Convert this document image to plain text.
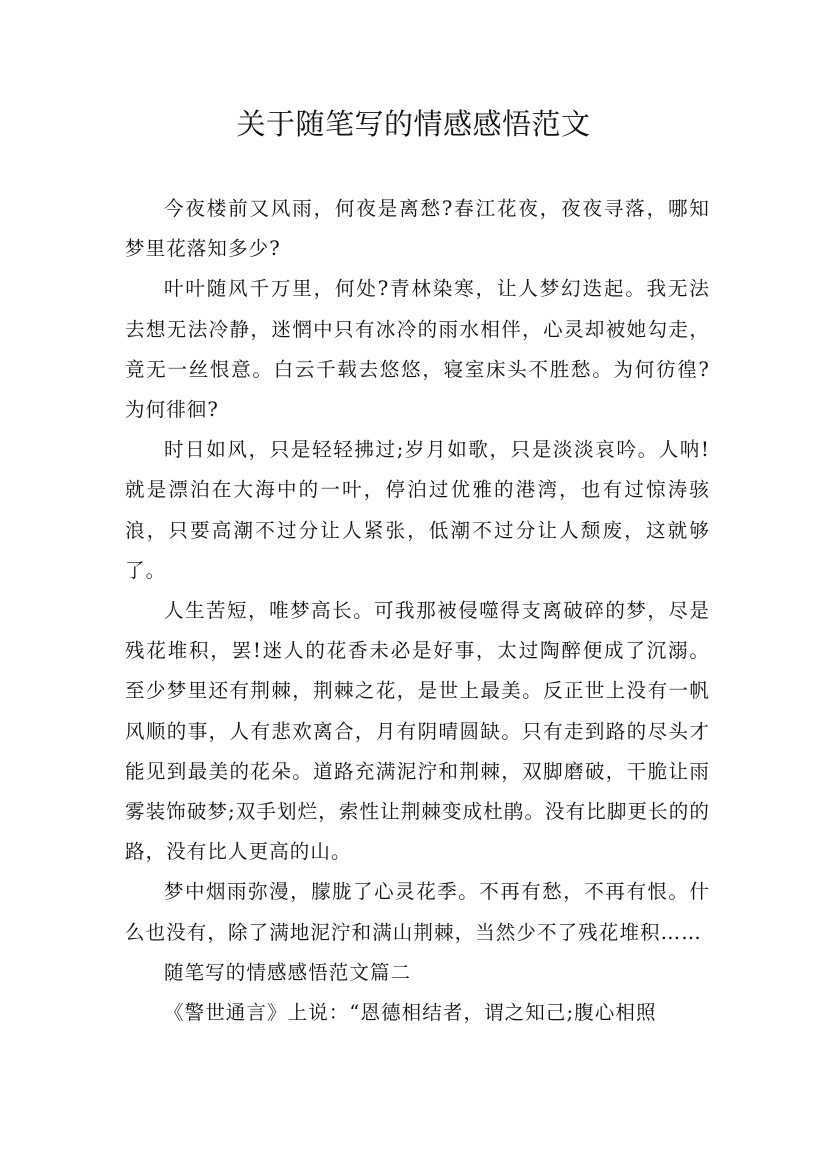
关于随笔写的情感感悟范文

今夜楼前又风雨，何夜是离愁?春江花夜，夜夜寻落，哪知梦里花落知多少?

叶叶随风千万里，何处?青林染寒，让人梦幻迭起。我无法去想无法冷静，迷惘中只有冰冷的雨水相伴，心灵却被她勾走，竟无一丝恨意。白云千载去悠悠，寝室床头不胜愁。为何彷徨?为何徘徊?

时日如风，只是轻轻拂过;岁月如歌，只是淡淡哀吟。人呐!就是漂泊在大海中的一叶，停泊过优雅的港湾，也有过惊涛骇浪，只要高潮不过分让人紧张，低潮不过分让人颓废，这就够了。

人生苦短，唯梦高长。可我那被侵噬得支离破碎的梦，尽是残花堆积，罢!迷人的花香未必是好事，太过陶醉便成了沉溺。至少梦里还有荆棘，荆棘之花，是世上最美。反正世上没有一帆风顺的事，人有悲欢离合，月有阴晴圆缺。只有走到路的尽头才能见到最美的花朵。道路充满泥泞和荆棘，双脚磨破，干脆让雨雾装饰破梦;双手划烂，索性让荆棘变成杜鹃。没有比脚更长的的路，没有比人更高的山。

梦中烟雨弥漫，朦胧了心灵花季。不再有愁，不再有恨。什么也没有，除了满地泥泞和满山荆棘，当然少不了残花堆积……

随笔写的情感感悟范文篇二

《警世通言》上说：“恩德相结者，谓之知己;腹心相照
